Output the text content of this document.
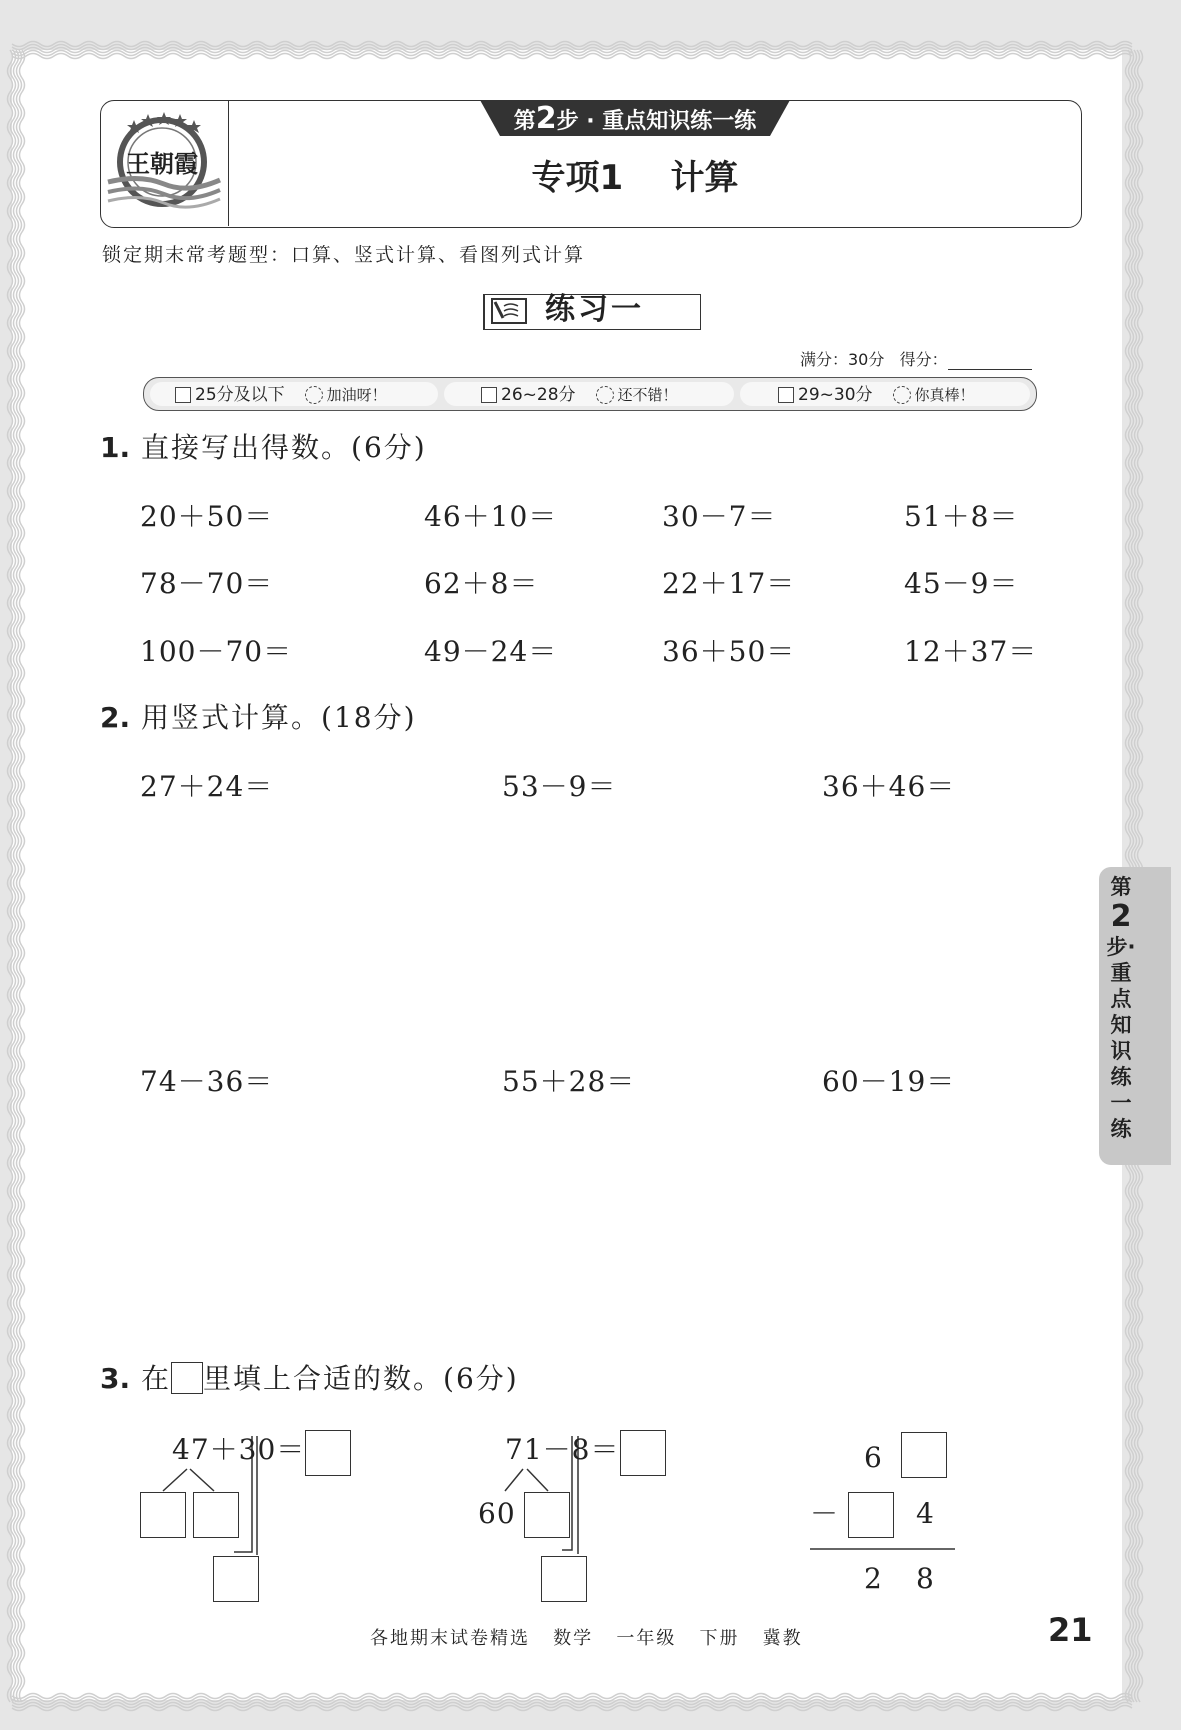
王朝霞
第2步 · 重点知识练一练
专项1    计算
锁定期末常考题型：口算、竖式计算、看图列式计算
练习一
满分：30分 得分：
25分及以下	加油呀！	26~28分	还不错！	29~30分	你真棒！
1. 直接写出得数。(6分)
20＋50＝	46＋10＝	30－7＝	51＋8＝
78－70＝	62＋8＝	22＋17＝	45－9＝
100－70＝	49－24＝	36＋50＝	12＋37＝
2. 用竖式计算。(18分)
27＋24＝	53－9＝	36＋46＝
74－36＝	55＋28＝	60－19＝
3. 在 里填上合适的数。(6分)
47＋30＝	71－8＝
60
6
－	4
2 8
第
2
步·
重
点
知
识
练
一
练
各地期末试卷精选   数学   一年级   下册   冀教	21
